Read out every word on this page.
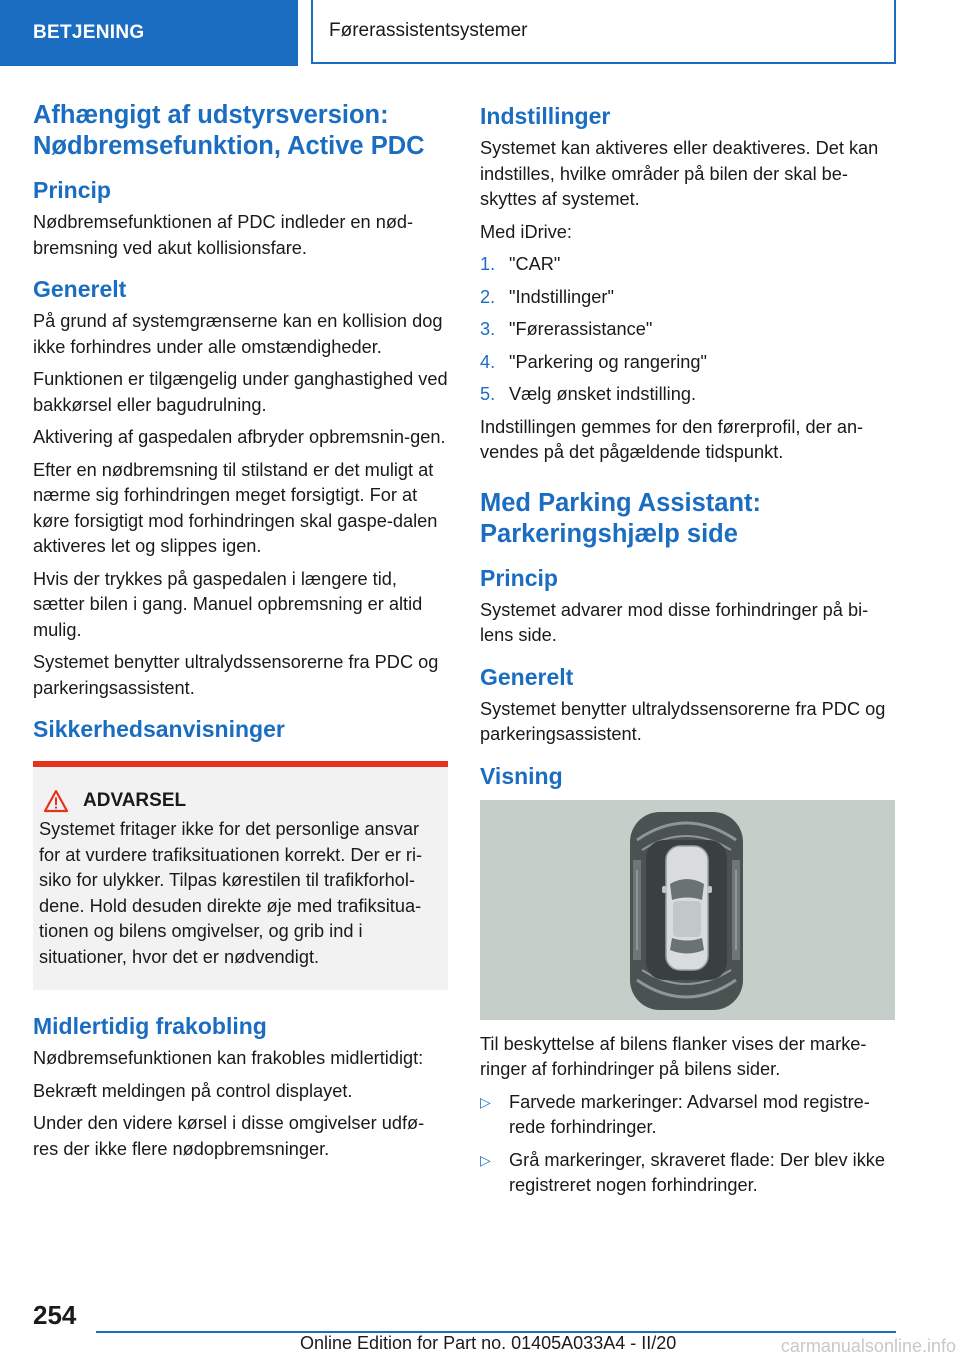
BETJENING	Førerassistentsystemer
Afhængigt af udstyrsversion: Nødbremsefunktion, Active PDC
Princip

Nødbremsefunktionen af PDC indleder en nød-bremsning ved akut kollisionsfare.

Generelt

På grund af systemgrænserne kan en kollision dog ikke forhindres under alle omstændigheder.

Funktionen er tilgængelig under ganghastighed ved bakkørsel eller bagudrulning.

Aktivering af gaspedalen afbryder opbremsnin-gen.

Efter en nødbremsning til stilstand er det muligt at nærme sig forhindringen meget forsigtigt. For at køre forsigtigt mod forhindringen skal gaspe-dalen aktiveres let og slippes igen.

Hvis der trykkes på gaspedalen i længere tid, sætter bilen i gang. Manuel opbremsning er altid mulig.

Systemet benytter ultralydssensorerne fra PDC og parkeringsassistent.

Sikkerhedsanvisninger
ADVARSEL

Systemet fritager ikke for det personlige ansvar for at vurdere trafiksituationen korrekt. Der er ri-siko for ulykker. Tilpas kørestilen til trafikforhol-dene. Hold desuden direkte øje med trafiksitua-tionen og bilens omgivelser, og grib ind i situationer, hvor det er nødvendigt.

Midlertidig frakobling

Nødbremsefunktionen kan frakobles midlertidigt:

Bekræft meldingen på control displayet.

Under den videre kørsel i disse omgivelser udfø-res der ikke flere nødopbremsninger.

Indstillinger

Systemet kan aktiveres eller deaktiveres. Det kan indstilles, hvilke områder på bilen der skal be-skyttes af systemet.

Med iDrive:

1. "CAR"
2. "Indstillinger"
3. "Førerassistance"
4. "Parkering og rangering"
5. Vælg ønsket indstilling.

Indstillingen gemmes for den førerprofil, der an-vendes på det pågældende tidspunkt.

Med Parking Assistant: Parkeringshjælp side
Princip

Systemet advarer mod disse forhindringer på bi-lens side.

Generelt

Systemet benytter ultralydssensorerne fra PDC og parkeringsassistent.

Visning

Til beskyttelse af bilens flanker vises der marke-ringer af forhindringer på bilens sider.

▷	Farvede markeringer: Advarsel mod registre-rede forhindringer.
▷	Grå markeringer, skraveret flade: Der blev ikke registreret nogen forhindringer.
254
Online Edition for Part no. 01405A033A4 - II/20	carmanualsonline.info
